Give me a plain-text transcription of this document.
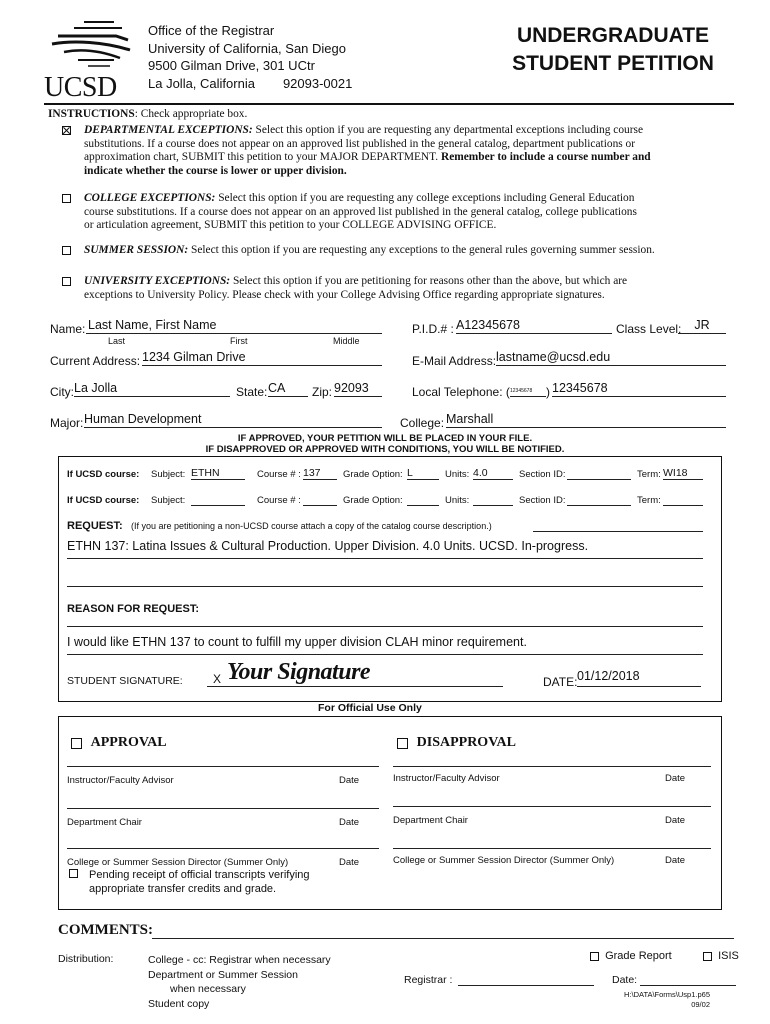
UCSD
Office of the Registrar
University of California, San Diego
9500 Gilman Drive, 301 UCtr
La Jolla, California 92093-0021
UNDERGRADUATE
STUDENT PETITION
INSTRUCTIONS: Check appropriate box.
DEPARTMENTAL EXCEPTIONS: Select this option if you are requesting any departmental exceptions including course
substitutions. If a course does not appear on an approved list published in the general catalog, department publications or
approximation chart, SUBMIT this petition to your MAJOR DEPARTMENT. Remember to include a course number and
indicate whether the course is lower or upper division.
COLLEGE EXCEPTIONS: Select this option if you are requesting any college exceptions including General Education
course substitutions. If a course does not appear on an approved list published in the general catalog, college publications
or articulation agreement, SUBMIT this petition to your COLLEGE ADVISING OFFICE.
SUMMER SESSION: Select this option if you are requesting any exceptions to the general rules governing summer session.
UNIVERSITY EXCEPTIONS: Select this option if you are petitioning for reasons other than the above, but which are
exceptions to University Policy. Please check with your College Advising Office regarding appropriate signatures.
Name: Last Name, First Name
Last	First	Middle
P.I.D.# : A12345678	Class Level:	JR
Current Address: 1234 Gilman Drive	E-Mail Address: lastname@ucsd.edu
City: La Jolla	State: CA	Zip: 92093	Local Telephone: ( 12345678	) 12345678
Major: Human Development	College: Marshall
IF APPROVED, YOUR PETITION WILL BE PLACED IN YOUR FILE.
IF DISAPPROVED OR APPROVED WITH CONDITIONS, YOU WILL BE NOTIFIED.
If UCSD course: Subject: ETHN	Course # : 137	Grade Option: L	Units: 4.0	Section ID:	Term: WI18
If UCSD course: Subject:	Course # :	Grade Option:	Units:	Section ID:	Term:
REQUEST: (If you are petitioning a non-UCSD course attach a copy of the catalog course description.)
ETHN 137: Latina Issues & Cultural Production. Upper Division. 4.0 Units. UCSD. In-progress.
REASON FOR REQUEST:
I would like ETHN 137 to count to fulfill my upper division CLAH minor requirement.
STUDENT SIGNATURE:	X Your Signature	DATE: 01/12/2018
For Official Use Only
APPROVAL
Instructor/Faculty Advisor	Date
Department Chair	Date
College or Summer Session Director (Summer Only)	Date
Pending receipt of official transcripts verifying
appropriate transfer credits and grade.
DISAPPROVAL
Instructor/Faculty Advisor	Date
Department Chair	Date
College or Summer Session Director (Summer Only)	Date
COMMENTS:
Distribution:	College - cc: Registrar when necessary
Department or Summer Session
when necessary
Student copy
Grade Report	ISIS
Registrar :	Date:
H:\DATA\Forms\Usp1.p65
09/02
